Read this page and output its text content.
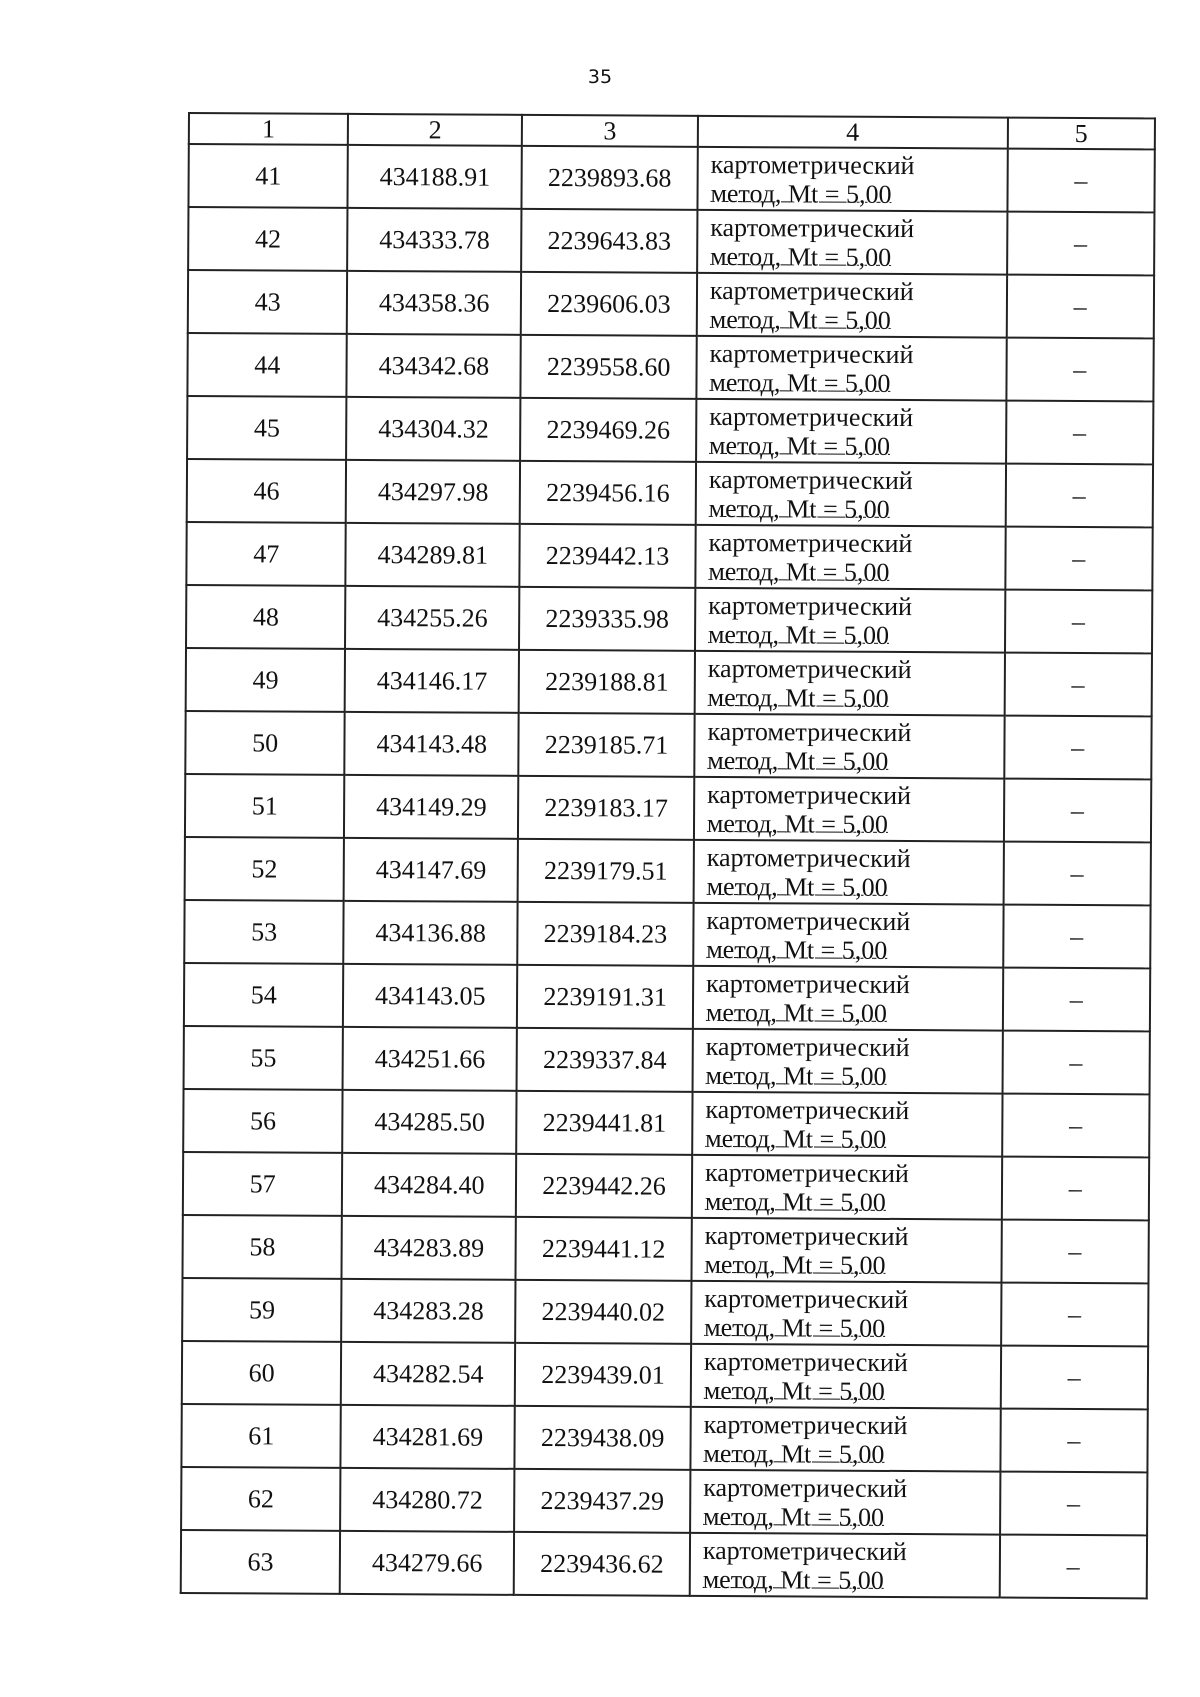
35
1	2	3	4	5
41	434188.91	2239893.68	картометрический
метод, Mt = 5,00	–
42	434333.78	2239643.83	картометрический
метод, Mt = 5,00	–
43	434358.36	2239606.03	картометрический
метод, Mt = 5,00	–
44	434342.68	2239558.60	картометрический
метод, Mt = 5,00	–
45	434304.32	2239469.26	картометрический
метод, Mt = 5,00	–
46	434297.98	2239456.16	картометрический
метод, Mt = 5,00	–
47	434289.81	2239442.13	картометрический
метод, Mt = 5,00	–
48	434255.26	2239335.98	картометрический
метод, Mt = 5,00	–
49	434146.17	2239188.81	картометрический
метод, Mt = 5,00	–
50	434143.48	2239185.71	картометрический
метод, Mt = 5,00	–
51	434149.29	2239183.17	картометрический
метод, Mt = 5,00	–
52	434147.69	2239179.51	картометрический
метод, Mt = 5,00	–
53	434136.88	2239184.23	картометрический
метод, Mt = 5,00	–
54	434143.05	2239191.31	картометрический
метод, Mt = 5,00	–
55	434251.66	2239337.84	картометрический
метод, Mt = 5,00	–
56	434285.50	2239441.81	картометрический
метод, Mt = 5,00	–
57	434284.40	2239442.26	картометрический
метод, Mt = 5,00	–
58	434283.89	2239441.12	картометрический
метод, Mt = 5,00	–
59	434283.28	2239440.02	картометрический
метод, Mt = 5,00	–
60	434282.54	2239439.01	картометрический
метод, Mt = 5,00	–
61	434281.69	2239438.09	картометрический
метод, Mt = 5,00	–
62	434280.72	2239437.29	картометрический
метод, Mt = 5,00	–
63	434279.66	2239436.62	картометрический
метод, Mt = 5,00	–
